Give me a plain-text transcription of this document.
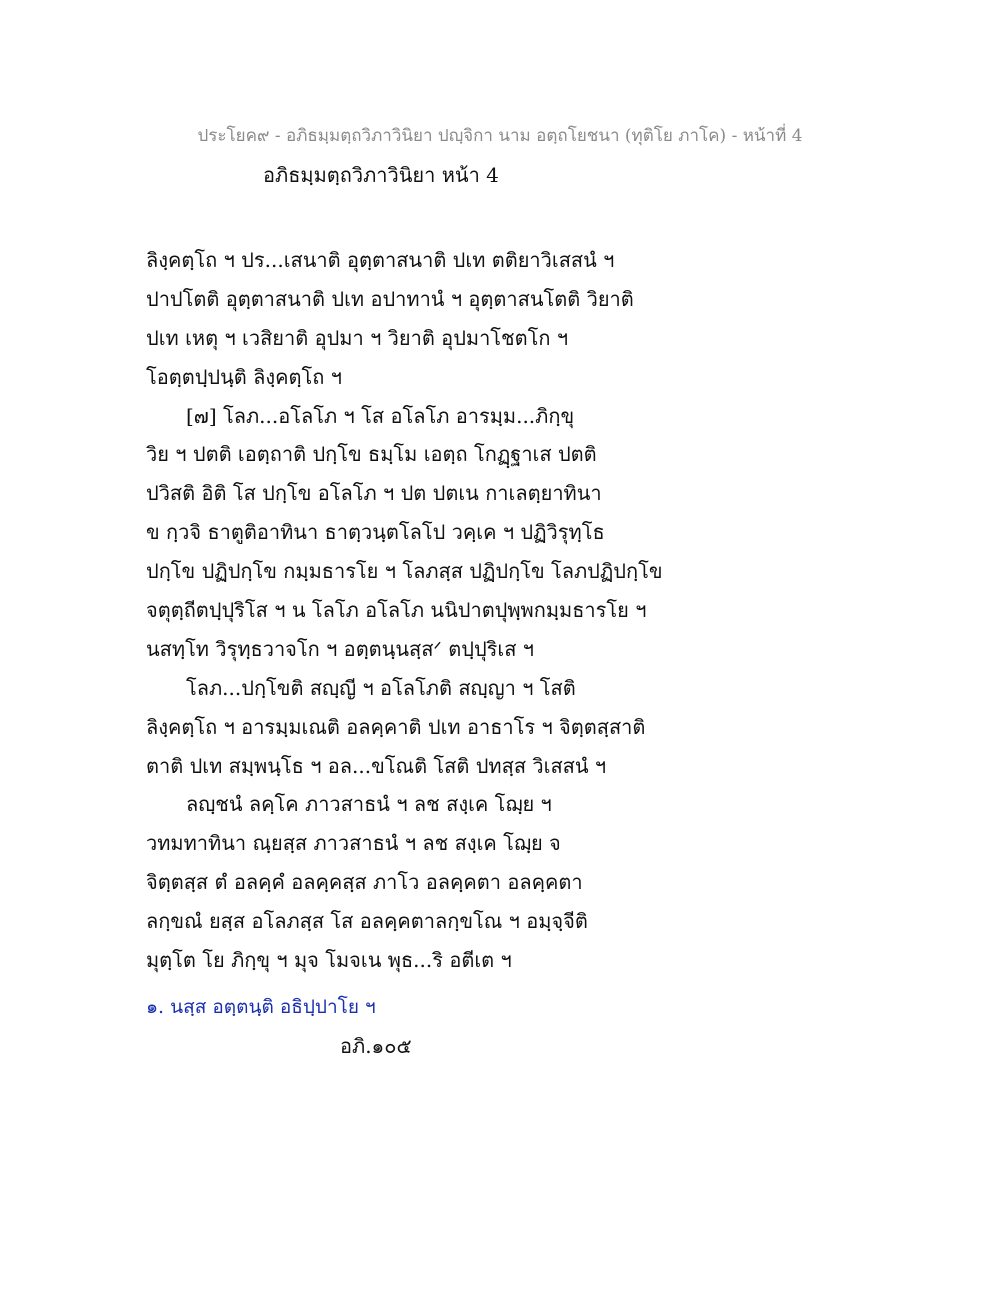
ประโยค๙ - อภิธมฺมตฺถวิภาวินิยา ปญฺจิกา นาม อตฺถโยชนา (ทุติโย ภาโค) - หน้าที่ 4
อภิธมฺมตฺถวิภาวินิยา หน้า 4
ลิงฺคตฺโถ ฯ ปร...เสนาติ อุตฺตาสนาติ ปเท ตติยาวิเสสนํ ฯ
ปาปโตติ อุตฺตาสนาติ ปเท อปาทานํ ฯ อุตฺตาสนโตติ วิยาติ
ปเท เหตุ ฯ เวสิยาติ อุปมา ฯ วิยาติ อุปมาโชตโก ฯ
โอตฺตปฺปนฺติ ลิงฺคตฺโถ ฯ
[๗] โลภ...อโลโภ ฯ โส อโลโภ อารมฺม...ภิกฺขุ
วิย ฯ ปตติ เอตฺถาติ ปกฺโข ธมฺโม เอตฺถ โกฏฺฐาเส ปตติ
ปวิสติ อิติ โส ปกฺโข อโลโภ ฯ ปต ปตเน กาเลตฺยาทินา
ข กฺวจิ ธาตูติอาทินา ธาตฺวนฺตโลโป วคฺเค ฯ ปฏิวิรุทฺโธ
ปกฺโข ปฏิปกฺโข กมฺมธารโย ฯ โลภสฺส ปฏิปกฺโข โลภปฏิปกฺโข
จตุตฺถีตปฺปุริโส ฯ น โลโภ อโลโภ นนิปาตปุพฺพกมฺมธารโย ฯ
นสทฺโท วิรุทฺธวาจโก ฯ อตฺตนฺนสฺสᐟ ตปฺปุริเส ฯ
โลภ...ปกฺโขติ สญฺญี ฯ อโลโภติ สญฺญา ฯ โสติ
ลิงฺคตฺโถ ฯ อารมฺมเณติ อลคฺคาติ ปเท อาธาโร ฯ จิตฺตสฺสาติ
ตาติ ปเท สมฺพนฺโธ ฯ อล...ขโณติ โสติ ปทสฺส วิเสสนํ ฯ
ลญฺชนํ ลคฺโค ภาวสาธนํ ฯ ลช สงฺเค โฌฺย ฯ
วทมทาทินา ณฺยสฺส ภาวสาธนํ ฯ ลช สงฺเค โฌฺย จ
จิตฺตสฺส ตํ อลคฺคํ อลคฺคสฺส ภาโว อลคฺคตา อลคฺคตา
ลกฺขณํ ยสฺส อโลภสฺส โส อลคฺคตาลกฺขโณ ฯ อมฺจฺจีติ
มุตฺโต โย ภิกฺขุ ฯ มุจ โมจเน พุธ...ริ อตีเต ฯ
๑. นสฺส อตฺตนฺติ อธิปฺปาโย ฯ
อภิ.๑๐๕
